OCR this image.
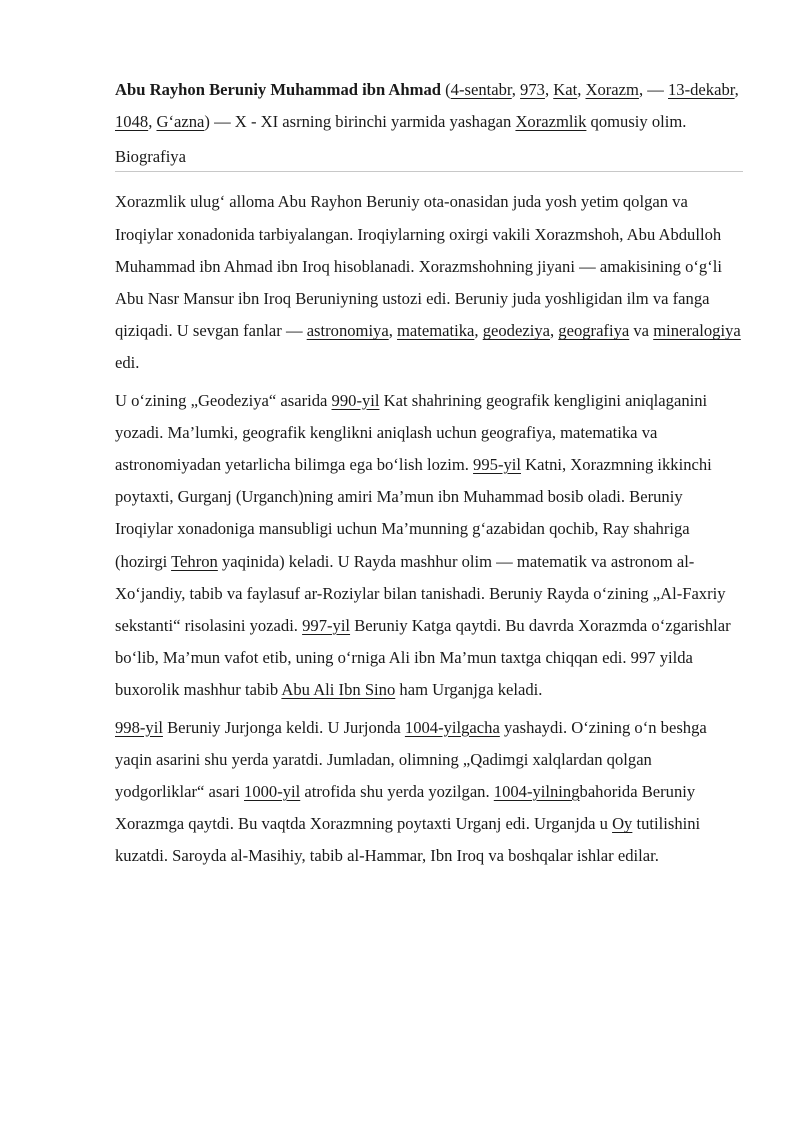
Abu Rayhon Beruniy Muhammad ibn Ahmad (4-sentabr, 973, Kat, Xorazm, — 13-dekabr, 1048, G‘azna) — X - XI asrning birinchi yarmida yashagan Xorazmlik qomusiy olim.

Biografiya

Xorazmlik ulug‘ alloma Abu Rayhon Beruniy ota-onasidan juda yosh yetim qolgan va Iroqiylar xonadonida tarbiyalangan. Iroqiylarning oxirgi vakili Xorazmshoh, Abu Abdulloh Muhammad ibn Ahmad ibn Iroq hisoblanadi. Xorazmshohning jiyani — amakisining o‘g‘li Abu Nasr Mansur ibn Iroq Beruniyning ustozi edi. Beruniy juda yoshligidan ilm va fanga qiziqadi. U sevgan fanlar — astronomiya, matematika, geodeziya, geografiya va mineralogiya edi.

U o‘zining „Geodeziya“ asarida 990-yil Kat shahrining geografik kengligini aniqlaganini yozadi. Ma’lumki, geografik kenglikni aniqlash uchun geografiya, matematika va astronomiyadan yetarlicha bilimga ega bo‘lish lozim. 995-yil Katni, Xorazmning ikkinchi poytaxti, Gurganj (Urganch)ning amiri Ma’mun ibn Muhammad bosib oladi. Beruniy Iroqiylar xonadoniga mansubligi uchun Ma’munning g‘azabidan qochib, Ray shahriga (hozirgi Tehron yaqinida) keladi. U Rayda mashhur olim — matematik va astronom al-Xo‘jandiy, tabib va faylasuf ar-Roziylar bilan tanishadi. Beruniy Rayda o‘zining „Al-Faxriy sekstanti“ risolasini yozadi. 997-yil Beruniy Katga qaytdi. Bu davrda Xorazmda o‘zgarishlar bo‘lib, Ma’mun vafot etib, uning o‘rniga Ali ibn Ma’mun taxtga chiqqan edi. 997 yilda buxorolik mashhur tabib Abu Ali Ibn Sino ham Urganjga keladi.

998-yil Beruniy Jurjonga keldi. U Jurjonda 1004-yilgacha yashaydi. O‘zining o‘n beshga yaqin asarini shu yerda yaratdi. Jumladan, olimning „Qadimgi xalqlardan qolgan yodgorliklar“ asari 1000-yil atrofida shu yerda yozilgan. 1004-yilningbahorida Beruniy Xorazmga qaytdi. Bu vaqtda Xorazmning poytaxti Urganj edi. Urganjda u Oy tutilishini kuzatdi. Saroyda al-Masihiy, tabib al-Hammar, Ibn Iroq va boshqalar ishlar edilar.
